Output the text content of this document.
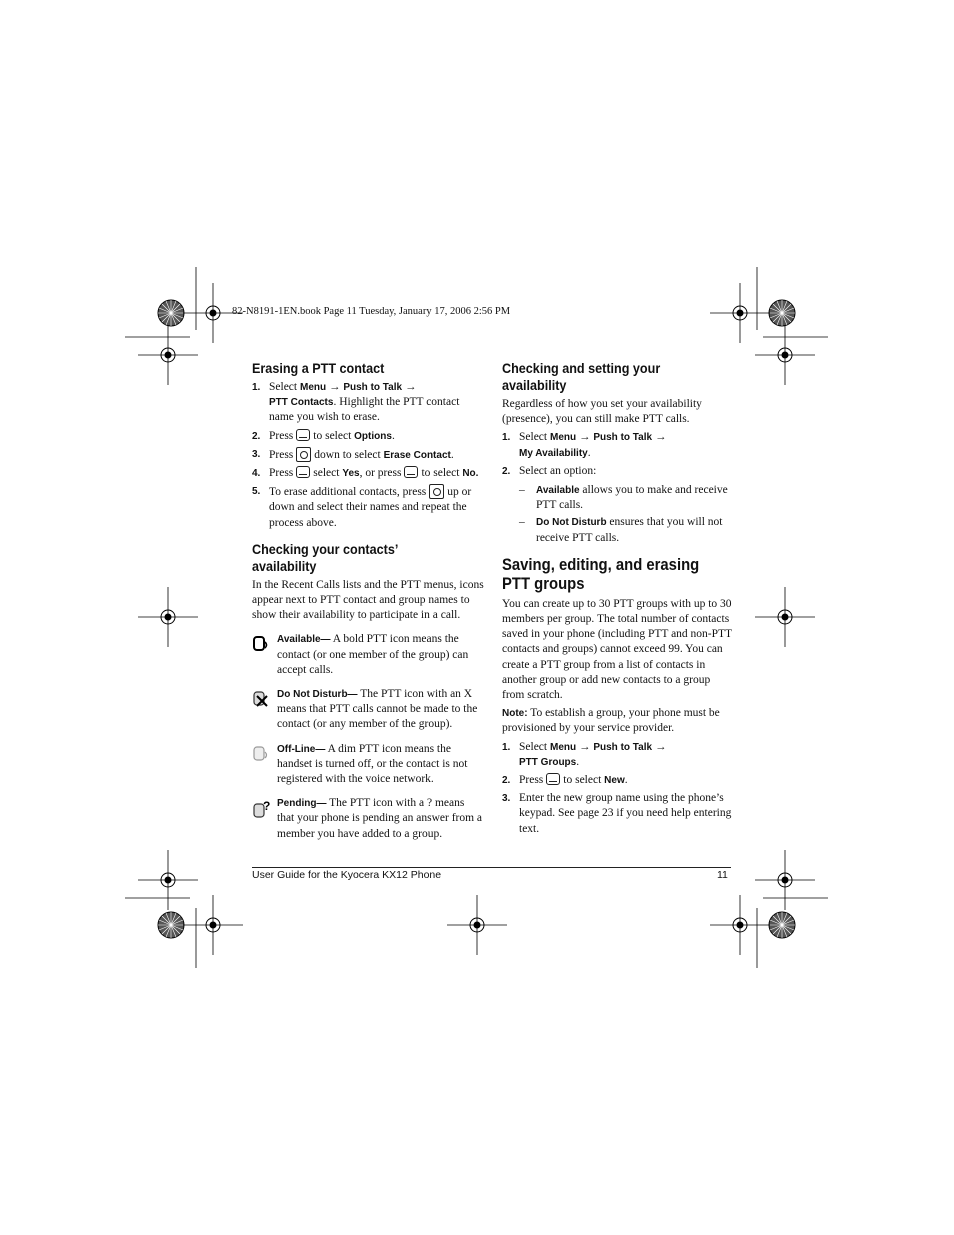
82-N8191-1EN.book Page 11 Tuesday, January 17, 2006 2:56 PM
Erasing a PTT contact
1. Select Menu → Push to Talk →
PTT Contacts. Highlight the PTT contact name you wish to erase.
2. Press to select Options.
3. Press down to select Erase Contact.
4. Press select Yes, or press to select No.
5. To erase additional contacts, press up or down and select their names and repeat the process above.
Checking your contacts’ availability

In the Recent Calls lists and the PTT menus, icons appear next to PTT contact and group names to show their availability to participate in a call.

Available— A bold PTT icon means the contact (or one member of the group) can accept calls.

Do Not Disturb— The PTT icon with an X means that PTT calls cannot be made to the contact (or any member of the group).

Off-Line— A dim PTT icon means the handset is turned off, or the contact is not registered with the voice network.

? Pending— The PTT icon with a ? means that your phone is pending an answer from a member you have added to a group.

Checking and setting your availability

Regardless of how you set your availability (presence), you can still make PTT calls.

1. Select Menu → Push to Talk →
My Availability.
2. Select an option:
– Available allows you to make and receive PTT calls.
– Do Not Disturb ensures that you will not receive PTT calls.
Saving, editing, and erasing PTT groups

You can create up to 30 PTT groups with up to 30 members per group. The total number of contacts saved in your phone (including PTT and non-PTT contacts and groups) cannot exceed 99. You can create a PTT group from a list of contacts in another group or add new contacts to a group from scratch.

Note: To establish a group, your phone must be provisioned by your service provider.

1. Select Menu → Push to Talk →
PTT Groups.
2. Press to select New.
3. Enter the new group name using the phone’s keypad. See page 23 if you need help entering text.
User Guide for the Kyocera KX12 Phone	11
